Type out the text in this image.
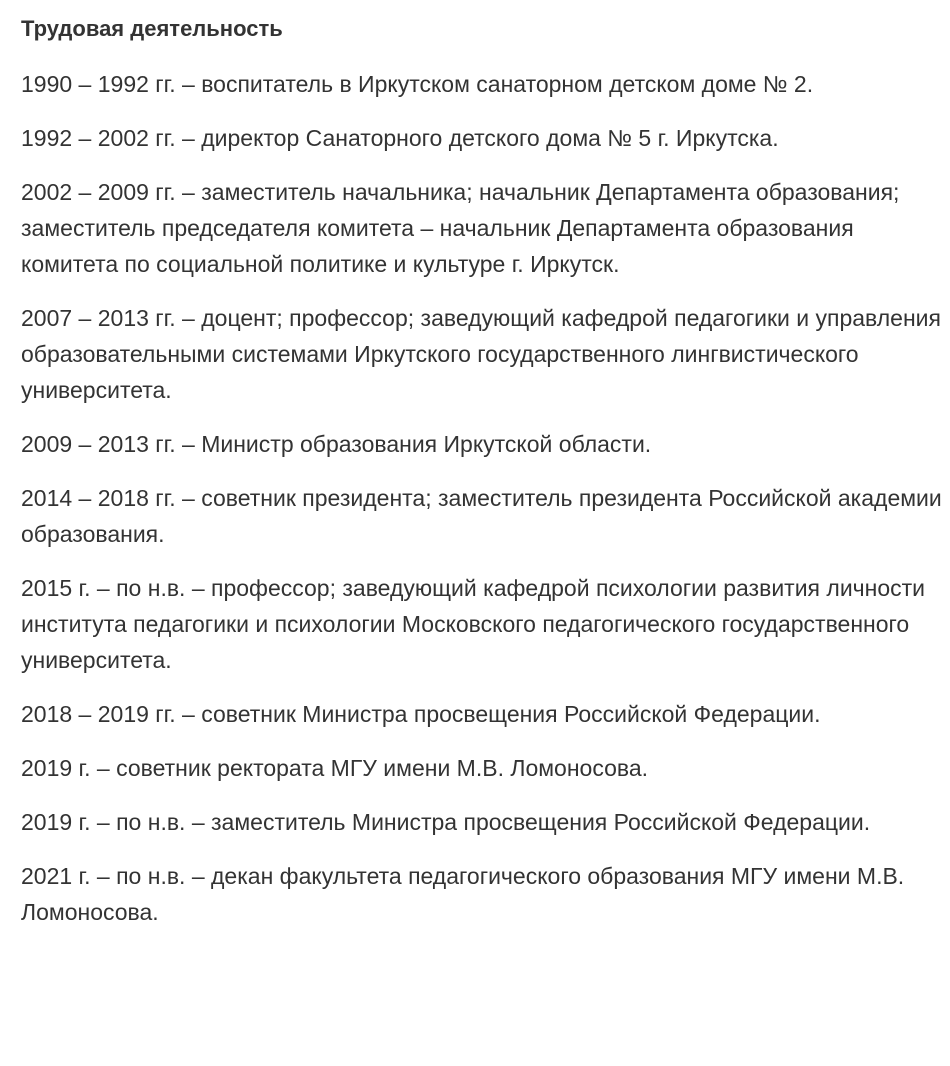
Трудовая деятельность

1990 – 1992 гг. – воспитатель в Иркутском санаторном детском доме № 2.

1992 – 2002 гг. – директор Санаторного детского дома № 5 г. Иркутска.

2002 – 2009 гг. – заместитель начальника; начальник Департамента образования; заместитель председателя комитета – начальник Департамента образования комитета по социальной политике и культуре г. Иркутск.

2007 – 2013 гг. – доцент; профессор; заведующий кафедрой педагогики и управления образовательными системами Иркутского государственного лингвистического университета.

2009 – 2013 гг. – Министр образования Иркутской области.

2014 – 2018 гг. – советник президента; заместитель президента Российской академии образования.

2015 г. – по н.в. – профессор; заведующий кафедрой психологии развития личности института педагогики и психологии Московского педагогического государственного университета.

2018 – 2019 гг. – советник Министра просвещения Российской Федерации.

2019 г. – советник ректората МГУ имени М.В. Ломоносова.

2019 г. – по н.в. – заместитель Министра просвещения Российской Федерации.

2021 г. – по н.в. – декан факультета педагогического образования МГУ имени М.В. Ломоносова.
